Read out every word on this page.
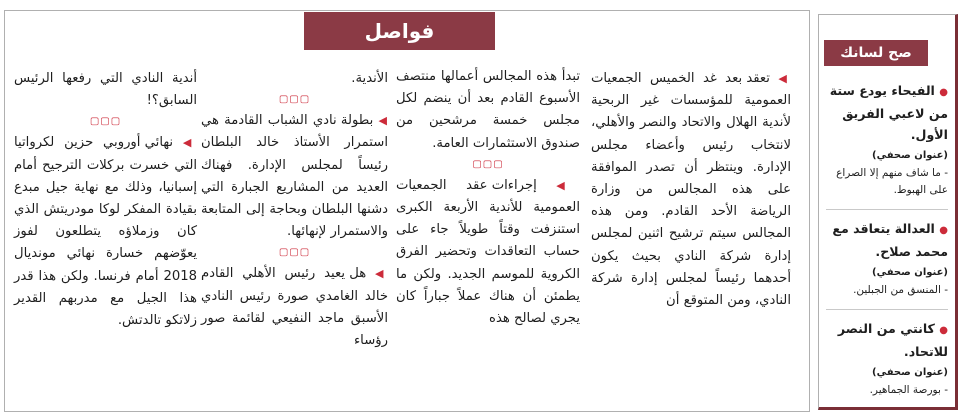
فواصل

◀ تعقد بعد غد الخميس الجمعيات العمومية للمؤسسات غير الربحية لأندية الهلال والاتحاد والنصر والأهلي، لانتخاب رئيس وأعضاء مجلس الإدارة. وينتظر أن تصدر الموافقة على هذه المجالس من وزارة الرياضة الأحد القادم. ومن هذه المجالس سيتم ترشيح اثنين لمجلس إدارة شركة النادي بحيث يكون أحدهما رئيساً لمجلس إدارة شركة النادي، ومن المتوقع أن

تبدأ هذه المجالس أعمالها منتصف الأسبوع القادم بعد أن ينضم لكل مجلس خمسة مرشحين من صندوق الاستثمارات العامة.

▢▢▢

◀ إجراءات عقد الجمعيات العمومية للأندية الأربعة الكبرى استنزفت وقتاً طويلاً جاء على حساب التعاقدات وتحضير الفرق الكروية للموسم الجديد. ولكن ما يطمئن أن هناك عملاً جباراً كان يجري لصالح هذه

الأندية.

▢▢▢

◀ بطولة نادي الشباب القادمة هي استمرار الأستاذ خالد البلطان رئيساً لمجلس الإدارة. فهناك العديد من المشاريع الجبارة التي دشنها البلطان وبحاجة إلى المتابعة والاستمرار لإنهائها.

▢▢▢

◀ هل يعيد رئيس الأهلي القادم خالد الغامدي صورة رئيس النادي الأسبق ماجد النفيعي لقائمة صور رؤساء

أندية النادي التي رفعها الرئيس السابق؟!

▢▢▢

◀ نهائي أوروبي حزين لكرواتيا التي خسرت بركلات الترجيح أمام إسبانيا، وذلك مع نهاية جيل مبدع بقيادة المفكر لوكا مودريتش الذي كان وزملاؤه يتطلعون لفوز يعوّضهم خسارة نهائي مونديال 2018 أمام فرنسا. ولكن هذا قدر هذا الجيل مع مدربهم القدير زلاتكو تالدتش.

صح لسانك
● الفيحاء يودع ستة من لاعبي الفريق الأول.
(عنوان صحفي)
- ما شاف منهم إلا الصراع على الهبوط.
● العدالة يتعاقد مع محمد صلاح.
(عنوان صحفي)
- المنسق من الجبلين.
● كانتي من النصر للاتحاد.
(عنوان صحفي)
- بورصة الجماهير.
